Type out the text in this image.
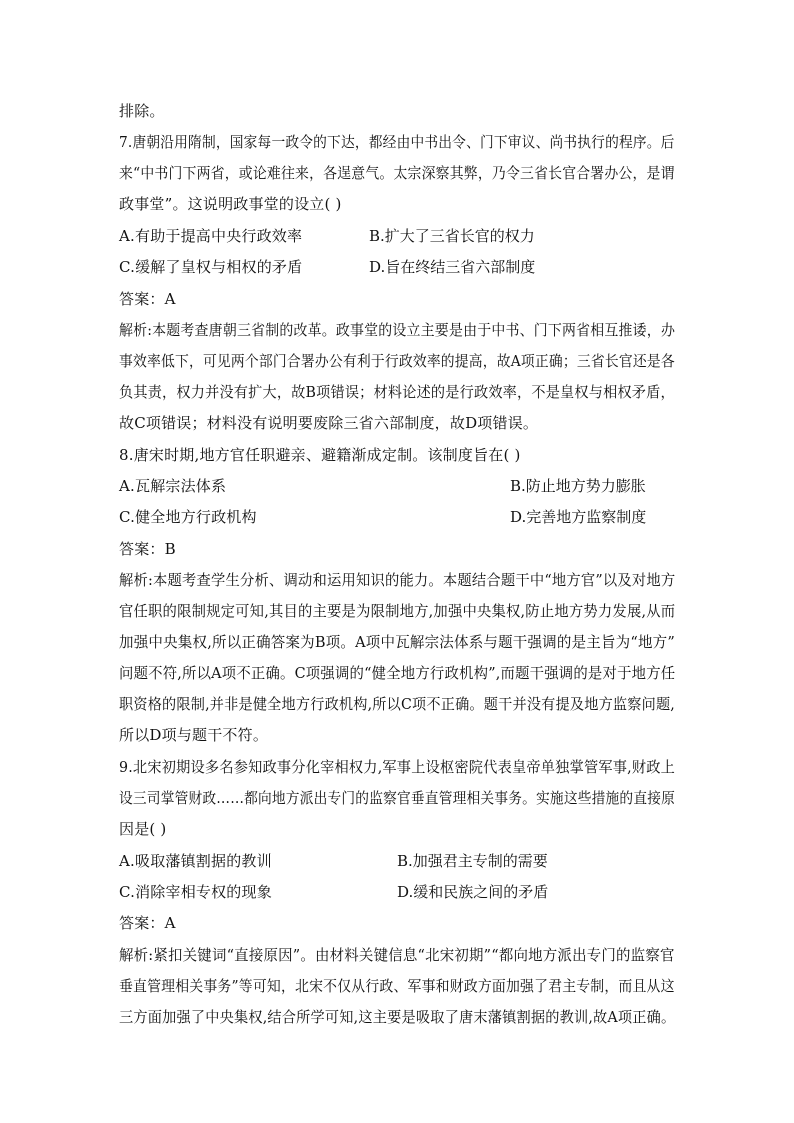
排除。
7.唐朝沿用隋制，国家每一政令的下达，都经由中书出令、门下审议、尚书执行的程序。后
来“中书门下两省，或论难往来，各逞意气。太宗深察其弊，乃令三省长官合署办公，是谓
政事堂”。这说明政事堂的设立( )
A.有助于提高中央行政效率	B.扩大了三省长官的权力
C.缓解了皇权与相权的矛盾	D.旨在终结三省六部制度
答案：A
解析:本题考查唐朝三省制的改革。政事堂的设立主要是由于中书、门下两省相互推诿，办
事效率低下，可见两个部门合署办公有利于行政效率的提高，故A项正确；三省长官还是各
负其责，权力并没有扩大，故B项错误；材料论述的是行政效率，不是皇权与相权矛盾，
故C项错误；材料没有说明要废除三省六部制度，故D项错误。
8.唐宋时期,地方官任职避亲、避籍渐成定制。该制度旨在( )
A.瓦解宗法体系	B.防止地方势力膨胀
C.健全地方行政机构	D.完善地方监察制度
答案：B
解析:本题考查学生分析、调动和运用知识的能力。本题结合题干中“地方官”以及对地方
官任职的限制规定可知,其目的主要是为限制地方,加强中央集权,防止地方势力发展,从而
加强中央集权,所以正确答案为B项。A项中瓦解宗法体系与题干强调的是主旨为“地方”
问题不符,所以A项不正确。C项强调的“健全地方行政机构”,而题干强调的是对于地方任
职资格的限制,并非是健全地方行政机构,所以C项不正确。题干并没有提及地方监察问题,
所以D项与题干不符。
9.北宋初期设多名参知政事分化宰相权力,军事上设枢密院代表皇帝单独掌管军事,财政上
设三司掌管财政……都向地方派出专门的监察官垂直管理相关事务。实施这些措施的直接原
因是( )
A.吸取藩镇割据的教训	B.加强君主专制的需要
C.消除宰相专权的现象	D.缓和民族之间的矛盾
答案：A
解析:紧扣关键词“直接原因”。由材料关键信息“北宋初期”“都向地方派出专门的监察官
垂直管理相关事务”等可知，北宋不仅从行政、军事和财政方面加强了君主专制，而且从这
三方面加强了中央集权,结合所学可知,这主要是吸取了唐末藩镇割据的教训,故A项正确。
